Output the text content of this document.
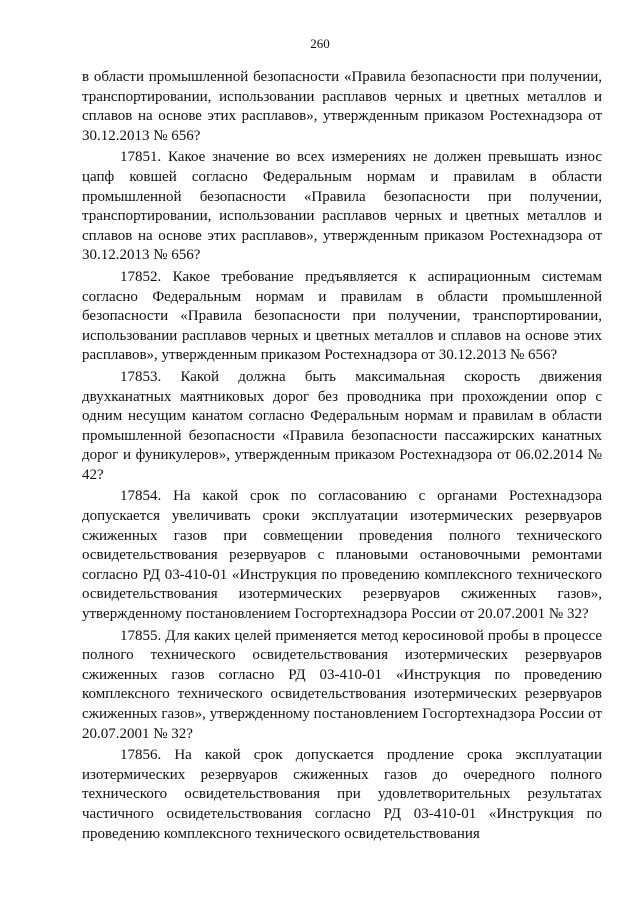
260

в области промышленной безопасности «Правила безопасности при получении, транспортировании, использовании расплавов черных и цветных металлов и сплавов на основе этих расплавов», утвержденным приказом Ростехнадзора от 30.12.2013 № 656?

17851. Какое значение во всех измерениях не должен превышать износ цапф ковшей согласно Федеральным нормам и правилам в области промышленной безопасности «Правила безопасности при получении, транспортировании, использовании расплавов черных и цветных металлов и сплавов на основе этих расплавов», утвержденным приказом Ростехнадзора от 30.12.2013 № 656?

17852. Какое требование предъявляется к аспирационным системам согласно Федеральным нормам и правилам в области промышленной безопасности «Правила безопасности при получении, транспортировании, использовании расплавов черных и цветных металлов и сплавов на основе этих расплавов», утвержденным приказом Ростехнадзора от 30.12.2013 № 656?

17853. Какой должна быть максимальная скорость движения двухканатных маятниковых дорог без проводника при прохождении опор с одним несущим канатом согласно Федеральным нормам и правилам в области промышленной безопасности «Правила безопасности пассажирских канатных дорог и фуникулеров», утвержденным приказом Ростехнадзора от 06.02.2014 № 42?

17854. На какой срок по согласованию с органами Ростехнадзора допускается увеличивать сроки эксплуатации изотермических резервуаров сжиженных газов при совмещении проведения полного технического освидетельствования резервуаров с плановыми остановочными ремонтами согласно РД 03-410-01 «Инструкция по проведению комплексного технического освидетельствования изотермических резервуаров сжиженных газов», утвержденному постановлением Госгортехнадзора России от 20.07.2001 № 32?

17855. Для каких целей применяется метод керосиновой пробы в процессе полного технического освидетельствования изотермических резервуаров сжиженных газов согласно РД 03-410-01 «Инструкция по проведению комплексного технического освидетельствования изотермических резервуаров сжиженных газов», утвержденному постановлением Госгортехнадзора России от 20.07.2001 № 32?

17856. На какой срок допускается продление срока эксплуатации изотермических резервуаров сжиженных газов до очередного полного технического освидетельствования при удовлетворительных результатах частичного освидетельствования согласно РД 03-410-01 «Инструкция по проведению комплексного технического освидетельствования
